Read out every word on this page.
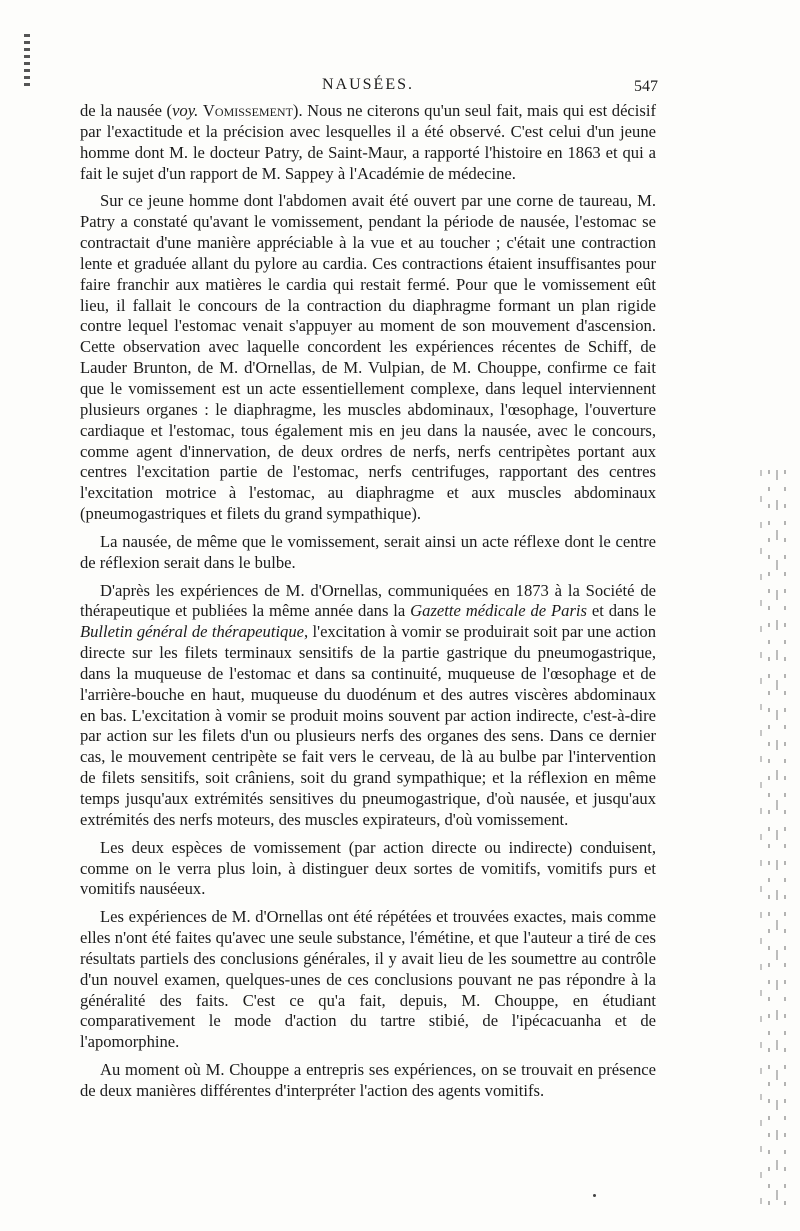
NAUSÉES.	547

de la nausée (voy. Vomissement). Nous ne citerons qu'un seul fait, mais qui est décisif par l'exactitude et la précision avec lesquelles il a été observé. C'est celui d'un jeune homme dont M. le docteur Patry, de Saint-Maur, a rapporté l'histoire en 1863 et qui a fait le sujet d'un rapport de M. Sappey à l'Académie de médecine.

Sur ce jeune homme dont l'abdomen avait été ouvert par une corne de taureau, M. Patry a constaté qu'avant le vomissement, pendant la période de nausée, l'estomac se contractait d'une manière appréciable à la vue et au toucher ; c'était une contraction lente et graduée allant du pylore au cardia. Ces contractions étaient insuffisantes pour faire franchir aux matières le cardia qui restait fermé. Pour que le vomissement eût lieu, il fallait le concours de la contraction du diaphragme formant un plan rigide contre lequel l'estomac venait s'appuyer au moment de son mouvement d'ascension. Cette observation avec laquelle concordent les expériences récentes de Schiff, de Lauder Brunton, de M. d'Ornellas, de M. Vulpian, de M. Chouppe, confirme ce fait que le vomissement est un acte essentiellement complexe, dans lequel interviennent plusieurs organes : le diaphragme, les muscles abdominaux, l'œsophage, l'ouverture cardiaque et l'estomac, tous également mis en jeu dans la nausée, avec le concours, comme agent d'innervation, de deux ordres de nerfs, nerfs centripètes portant aux centres l'excitation partie de l'estomac, nerfs centrifuges, rapportant des centres l'excitation motrice à l'estomac, au diaphragme et aux muscles abdominaux (pneumogastriques et filets du grand sympathique).

La nausée, de même que le vomissement, serait ainsi un acte réflexe dont le centre de réflexion serait dans le bulbe.

D'après les expériences de M. d'Ornellas, communiquées en 1873 à la Société de thérapeutique et publiées la même année dans la Gazette médicale de Paris et dans le Bulletin général de thérapeutique, l'excitation à vomir se produirait soit par une action directe sur les filets terminaux sensitifs de la partie gastrique du pneumogastrique, dans la muqueuse de l'estomac et dans sa continuité, muqueuse de l'œsophage et de l'arrière-bouche en haut, muqueuse du duodénum et des autres viscères abdominaux en bas. L'excitation à vomir se produit moins souvent par action indirecte, c'est-à-dire par action sur les filets d'un ou plusieurs nerfs des organes des sens. Dans ce dernier cas, le mouvement centripète se fait vers le cerveau, de là au bulbe par l'intervention de filets sensitifs, soit crâniens, soit du grand sympathique; et la réflexion en même temps jusqu'aux extrémités sensitives du pneumogastrique, d'où nausée, et jusqu'aux extrémités des nerfs moteurs, des muscles expirateurs, d'où vomissement.

Les deux espèces de vomissement (par action directe ou indirecte) conduisent, comme on le verra plus loin, à distinguer deux sortes de vomitifs, vomitifs purs et vomitifs nauséeux.

Les expériences de M. d'Ornellas ont été répétées et trouvées exactes, mais comme elles n'ont été faites qu'avec une seule substance, l'émétine, et que l'auteur a tiré de ces résultats partiels des conclusions générales, il y avait lieu de les soumettre au contrôle d'un nouvel examen, quelques-unes de ces conclusions pouvant ne pas répondre à la généralité des faits. C'est ce qu'a fait, depuis, M. Chouppe, en étudiant comparativement le mode d'action du tartre stibié, de l'ipécacuanha et de l'apomorphine.

Au moment où M. Chouppe a entrepris ses expériences, on se trouvait en présence de deux manières différentes d'interpréter l'action des agents vomitifs.
